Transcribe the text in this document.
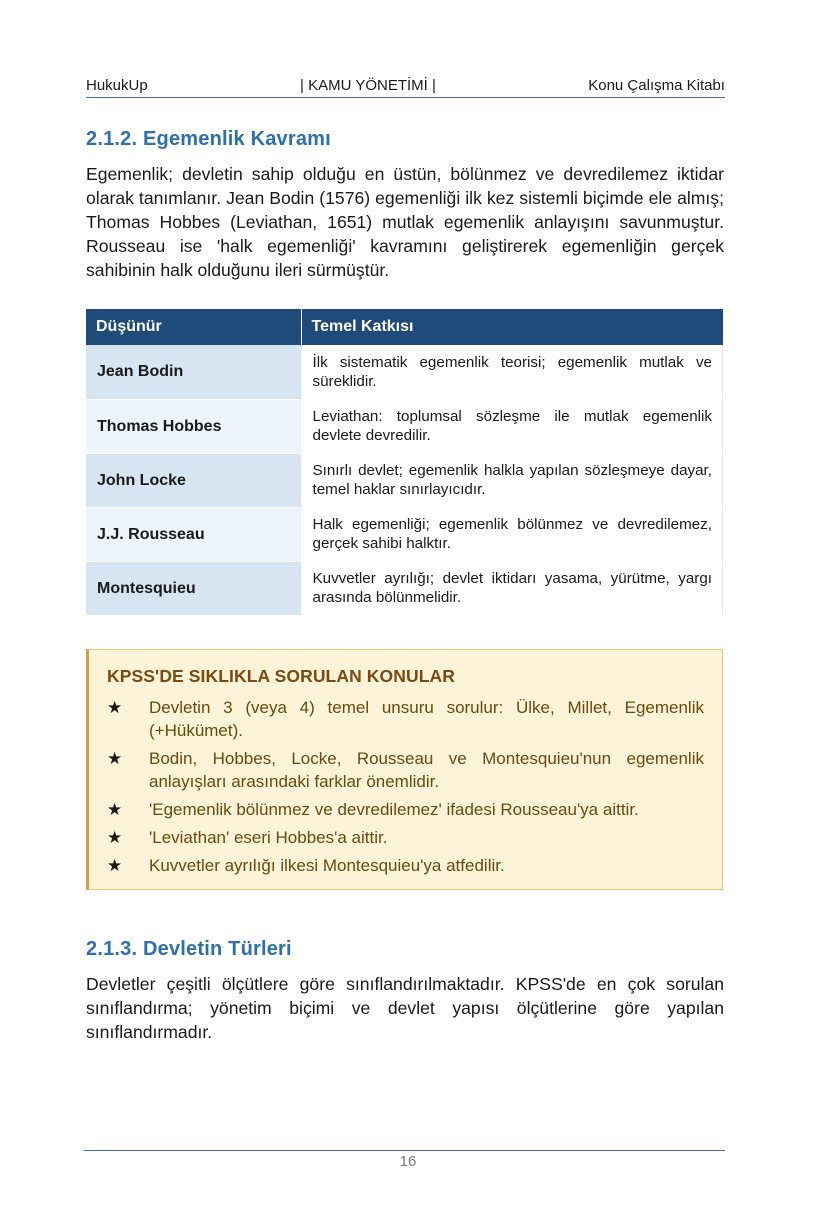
HukukUp	| KAMU YÖNETİMİ |	Konu Çalışma Kitabı
2.1.2. Egemenlik Kavramı

Egemenlik; devletin sahip olduğu en üstün, bölünmez ve devredilemez iktidar olarak tanımlanır. Jean Bodin (1576) egemenliği ilk kez sistemli biçimde ele almış; Thomas Hobbes (Leviathan, 1651) mutlak egemenlik anlayışını savunmuştur. Rousseau ise 'halk egemenliği' kavramını geliştirerek egemenliğin gerçek sahibinin halk olduğunu ileri sürmüştür.

Düşünür	Temel Katkısı
Jean Bodin	İlk sistematik egemenlik teorisi; egemenlik mutlak ve süreklidir.
Thomas Hobbes	Leviathan: toplumsal sözleşme ile mutlak egemenlik devlete devredilir.
John Locke	Sınırlı devlet; egemenlik halkla yapılan sözleşmeye dayar, temel haklar sınırlayıcıdır.
J.J. Rousseau	Halk egemenliği; egemenlik bölünmez ve devredilemez, gerçek sahibi halktır.
Montesquieu	Kuvvetler ayrılığı; devlet iktidarı yasama, yürütme, yargı arasında bölünmelidir.
KPSS'DE SIKLIKLA SORULAN KONULAR
★	Devletin 3 (veya 4) temel unsuru sorulur: Ülke, Millet, Egemenlik (+Hükümet).
★	Bodin, Hobbes, Locke, Rousseau ve Montesquieu'nun egemenlik anlayışları arasındaki farklar önemlidir.
★	'Egemenlik bölünmez ve devredilemez' ifadesi Rousseau'ya aittir.
★	'Leviathan' eseri Hobbes'a aittir.
★	Kuvvetler ayrılığı ilkesi Montesquieu'ya atfedilir.
2.1.3. Devletin Türleri

Devletler çeşitli ölçütlere göre sınıflandırılmaktadır. KPSS'de en çok sorulan sınıflandırma; yönetim biçimi ve devlet yapısı ölçütlerine göre yapılan sınıflandırmadır.

16
